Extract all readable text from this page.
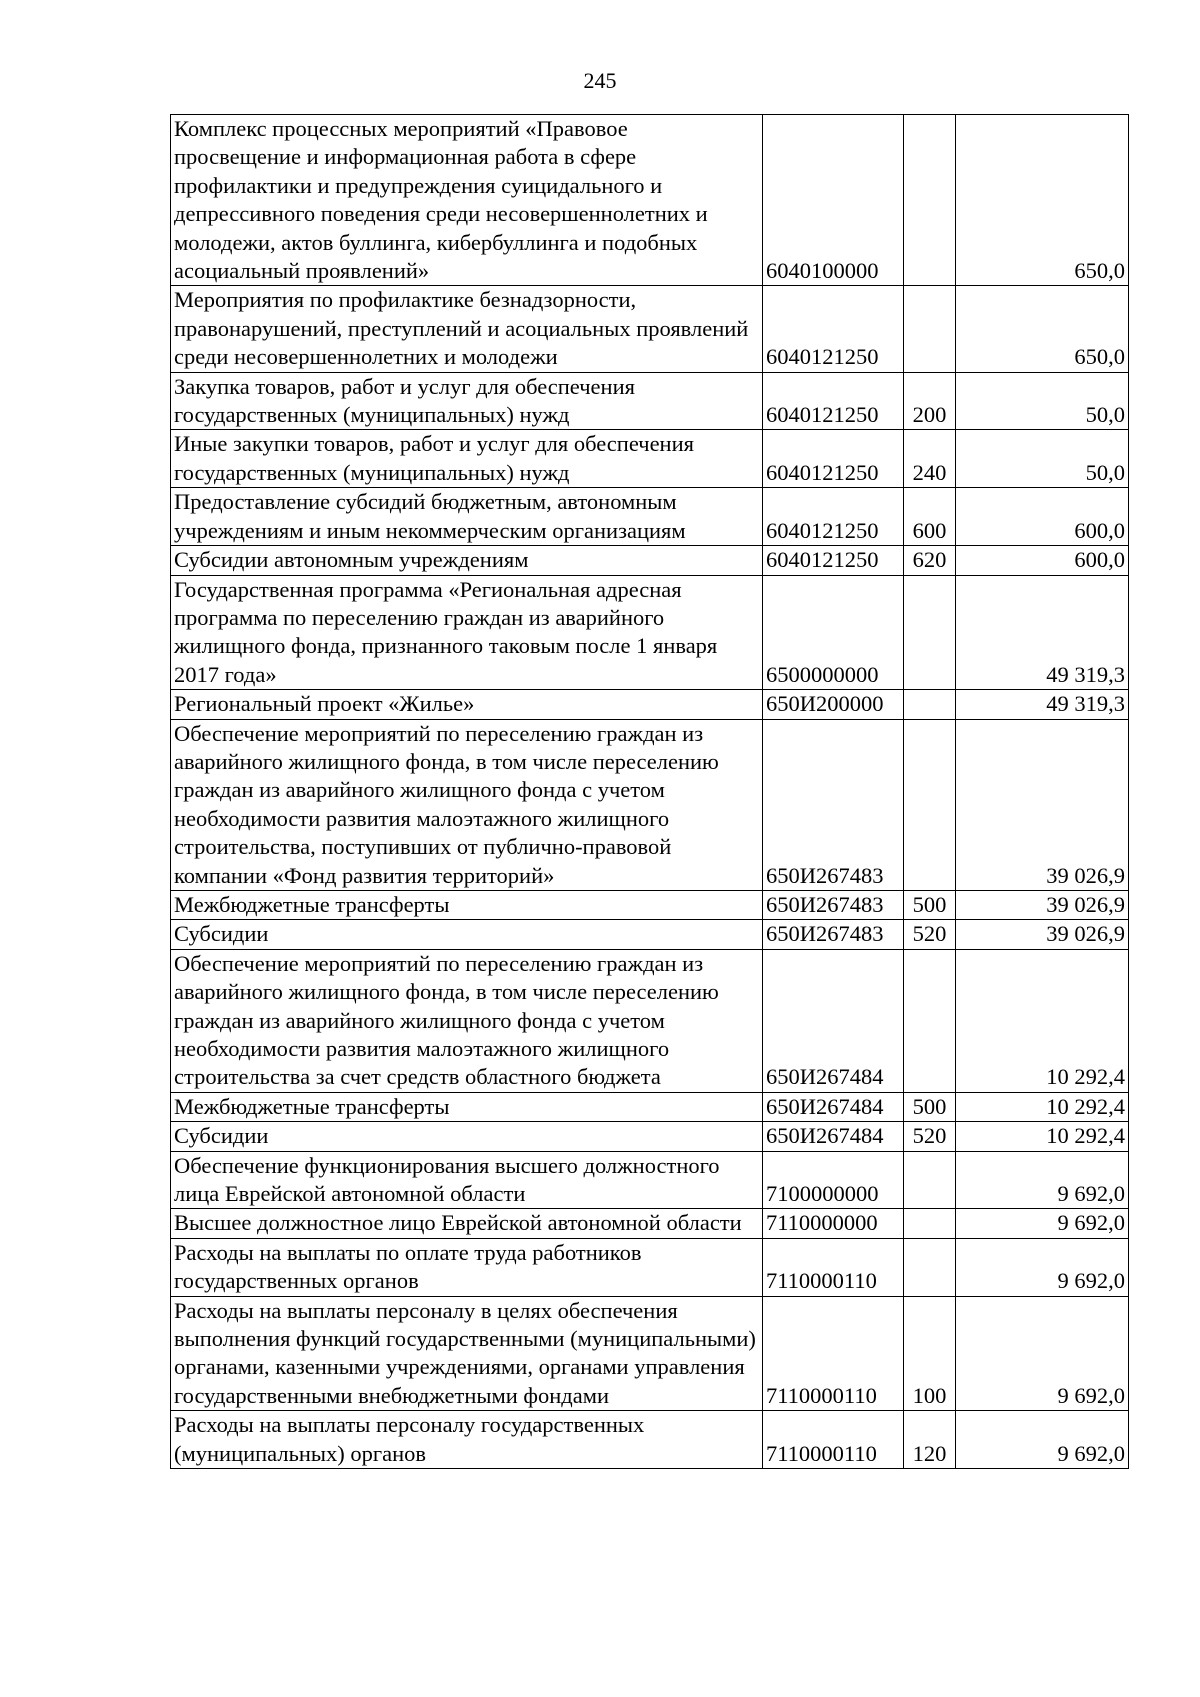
245
Комплекс процессных мероприятий «Правовое просвещение и информационная работа в сфере профилактики и предупреждения суицидального и депрессивного поведения среди несовершеннолетних и молодежи, актов буллинга, кибербуллинга и подобных асоциальный проявлений»	6040100000		650,0
Мероприятия по профилактике безнадзорности, правонарушений, преступлений и асоциальных проявлений среди несовершеннолетних и молодежи	6040121250		650,0
Закупка товаров, работ и услуг для обеспечения государственных (муниципальных) нужд	6040121250	200	50,0
Иные закупки товаров, работ и услуг для обеспечения государственных (муниципальных) нужд	6040121250	240	50,0
Предоставление субсидий бюджетным, автономным учреждениям и иным некоммерческим организациям	6040121250	600	600,0
Субсидии автономным учреждениям	6040121250	620	600,0
Государственная программа «Региональная адресная программа по переселению граждан из аварийного жилищного фонда, признанного таковым после 1 января 2017 года»	6500000000		49 319,3
Региональный проект «Жилье»	650И200000		49 319,3
Обеспечение мероприятий по переселению граждан из аварийного жилищного фонда, в том числе переселению граждан из аварийного жилищного фонда с учетом необходимости развития малоэтажного жилищного строительства, поступивших от публично-правовой компании «Фонд развития территорий»	650И267483		39 026,9
Межбюджетные трансферты	650И267483	500	39 026,9
Субсидии	650И267483	520	39 026,9
Обеспечение мероприятий по переселению граждан из аварийного жилищного фонда, в том числе переселению граждан из аварийного жилищного фонда с учетом необходимости развития малоэтажного жилищного строительства за счет средств областного бюджета	650И267484		10 292,4
Межбюджетные трансферты	650И267484	500	10 292,4
Субсидии	650И267484	520	10 292,4
Обеспечение функционирования высшего должностного лица Еврейской автономной области	7100000000		9 692,0
Высшее должностное лицо Еврейской автономной области	7110000000		9 692,0
Расходы на выплаты по оплате труда работников государственных органов	7110000110		9 692,0
Расходы на выплаты персоналу в целях обеспечения выполнения функций государственными (муниципальными) органами, казенными учреждениями, органами управления государственными внебюджетными фондами	7110000110	100	9 692,0
Расходы на выплаты персоналу государственных (муниципальных) органов	7110000110	120	9 692,0
